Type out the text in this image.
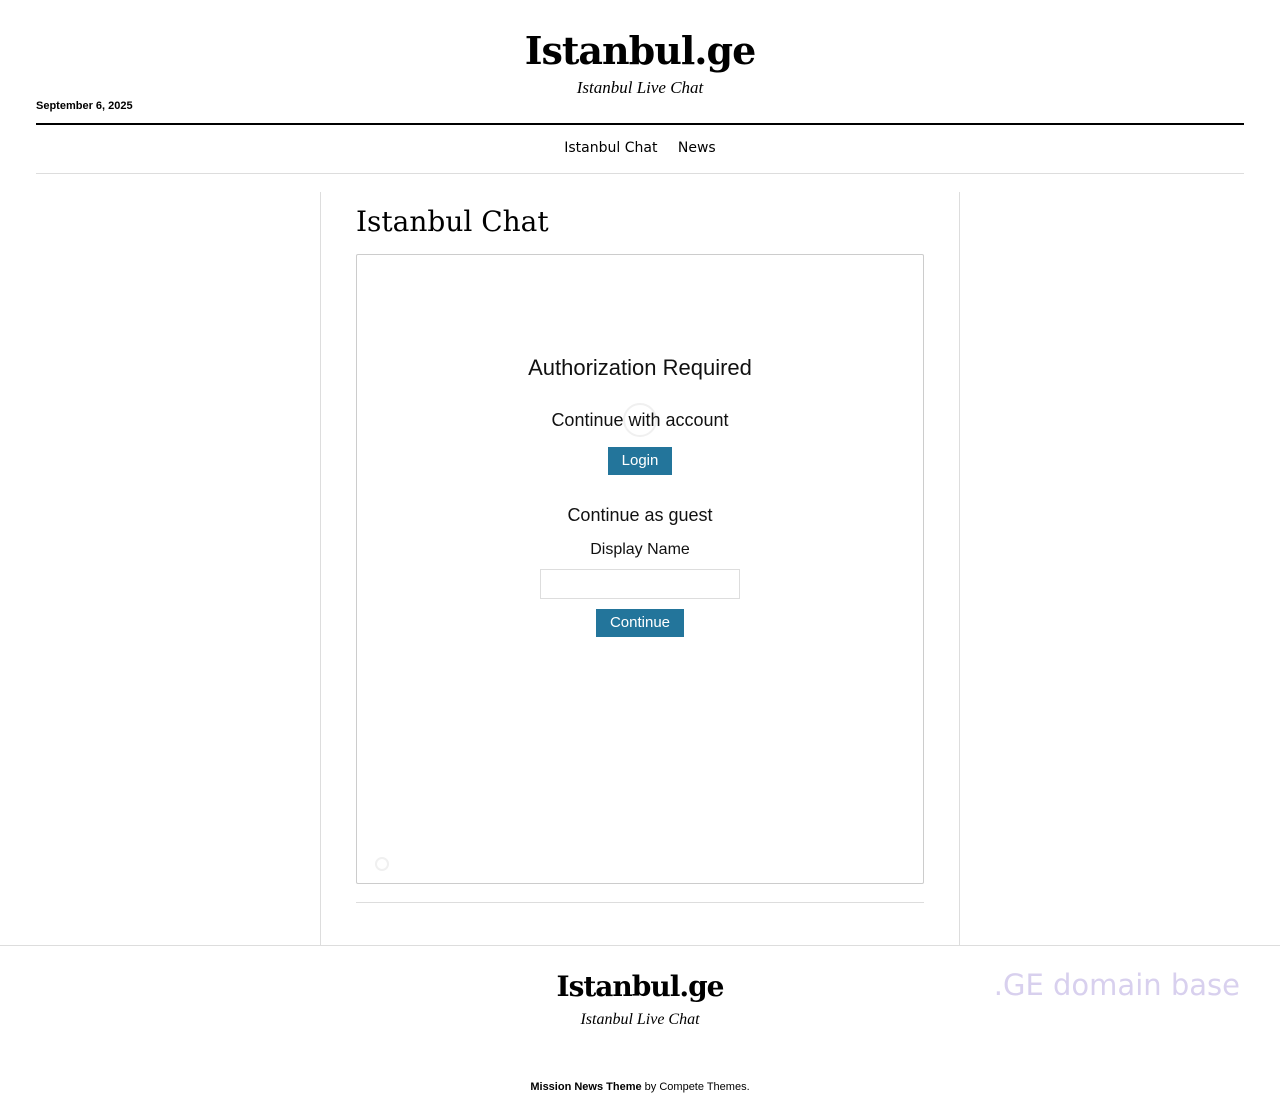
Istanbul.ge
Istanbul Live Chat
September 6, 2025
Istanbul Chat News
Istanbul Chat
Authorization Required
Continue with account
Login
Continue as guest
Display Name
Continue
Istanbul.ge
Istanbul Live Chat
.GE domain base
Mission News Theme by Compete Themes.
